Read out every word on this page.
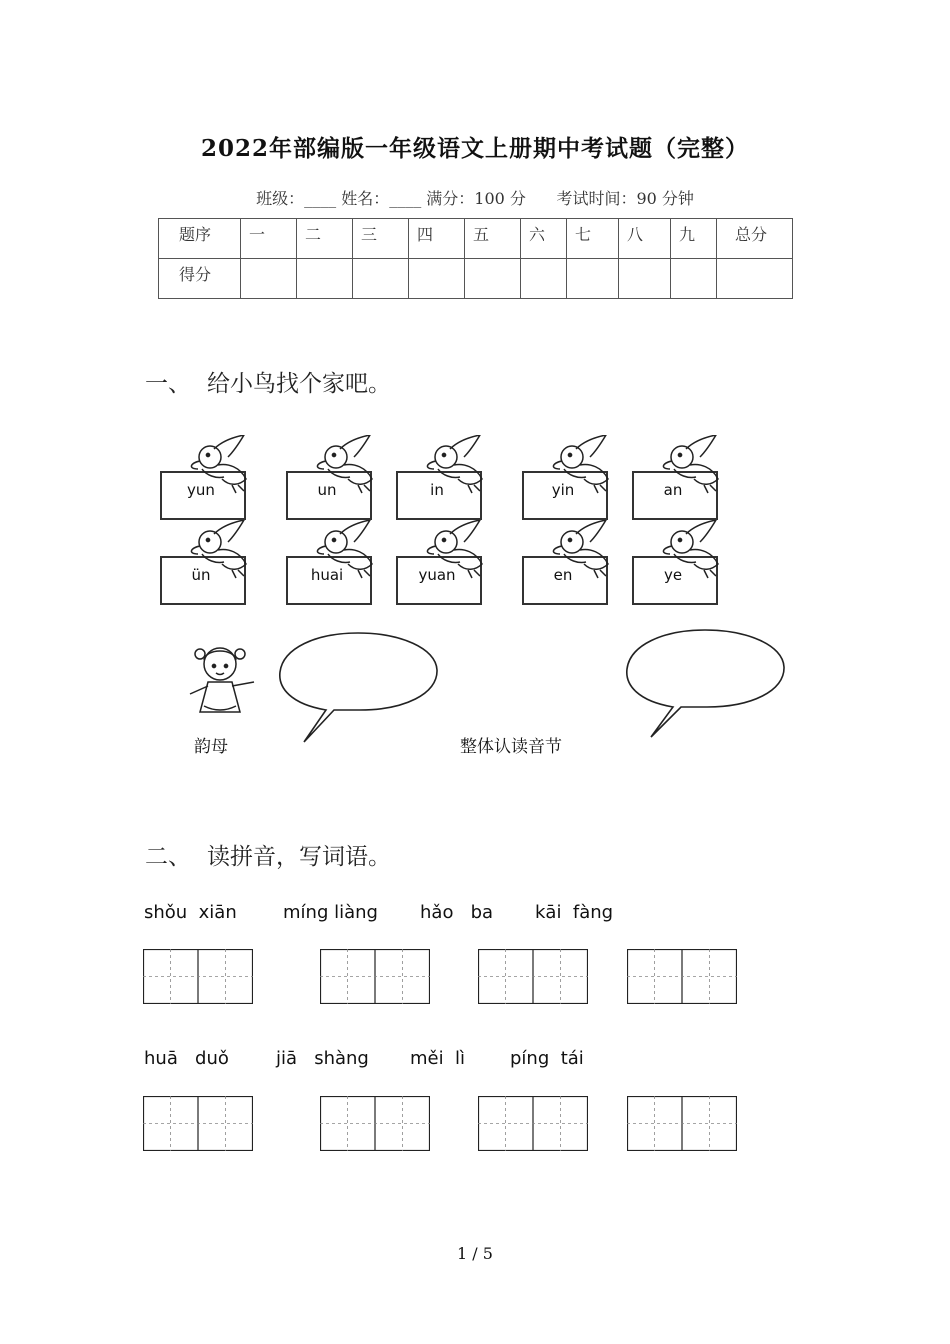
2022年部编版一年级语文上册期中考试题（完整）
班级：____ 姓名：____ 满分：100 分 考试时间：90 分钟
题序	一	二	三	四	五	六	七	八	九	总分
得分										
一、 给小鸟找个家吧。
yun	un	in	yin	an
ün	huai	yuan	en	ye
韵母	整体认读音节
二、 读拼音，写词语。
shǒu  xiān	míng liàng hǎo   ba kāi  fàng
huā   duǒ	jiā   shàng měi  lì píng  tái
1 / 5
